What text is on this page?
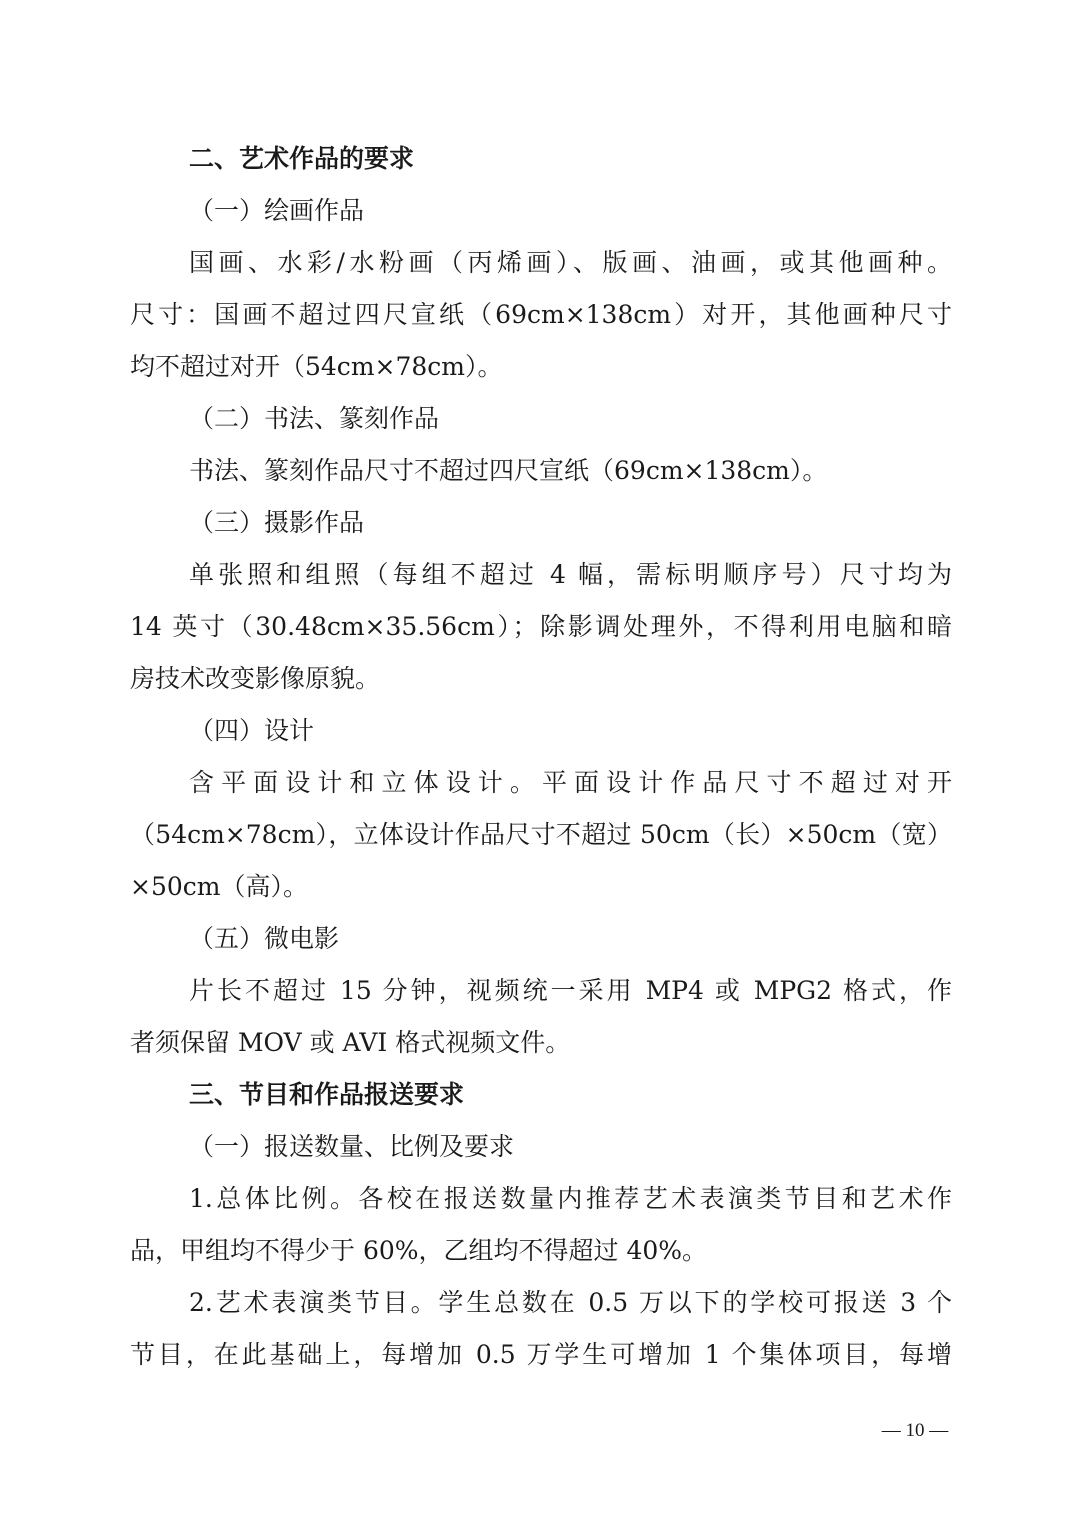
二、艺术作品的要求
（一）绘画作品
国画、水彩/水粉画（丙烯画）、版画、油画，或其他画种。
尺寸：国画不超过四尺宣纸（69cm×138cm）对开，其他画种尺寸
均不超过对开（54cm×78cm）。
（二）书法、篆刻作品
书法、篆刻作品尺寸不超过四尺宣纸（69cm×138cm）。
（三）摄影作品
单张照和组照（每组不超过 4 幅，需标明顺序号）尺寸均为
14 英寸（30.48cm×35.56cm）；除影调处理外，不得利用电脑和暗
房技术改变影像原貌。
（四）设计
含平面设计和立体设计。平面设计作品尺寸不超过对开
（54cm×78cm），立体设计作品尺寸不超过 50cm（长）×50cm（宽）
×50cm（高）。
（五）微电影
片长不超过 15 分钟，视频统一采用 MP4 或 MPG2 格式，作
者须保留 MOV 或 AVI 格式视频文件。
三、节目和作品报送要求
（一）报送数量、比例及要求
1.总体比例。各校在报送数量内推荐艺术表演类节目和艺术作
品，甲组均不得少于 60%，乙组均不得超过 40%。
2.艺术表演类节目。学生总数在 0.5 万以下的学校可报送 3 个
节目，在此基础上，每增加 0.5 万学生可增加 1 个集体项目，每增
— 10 —
